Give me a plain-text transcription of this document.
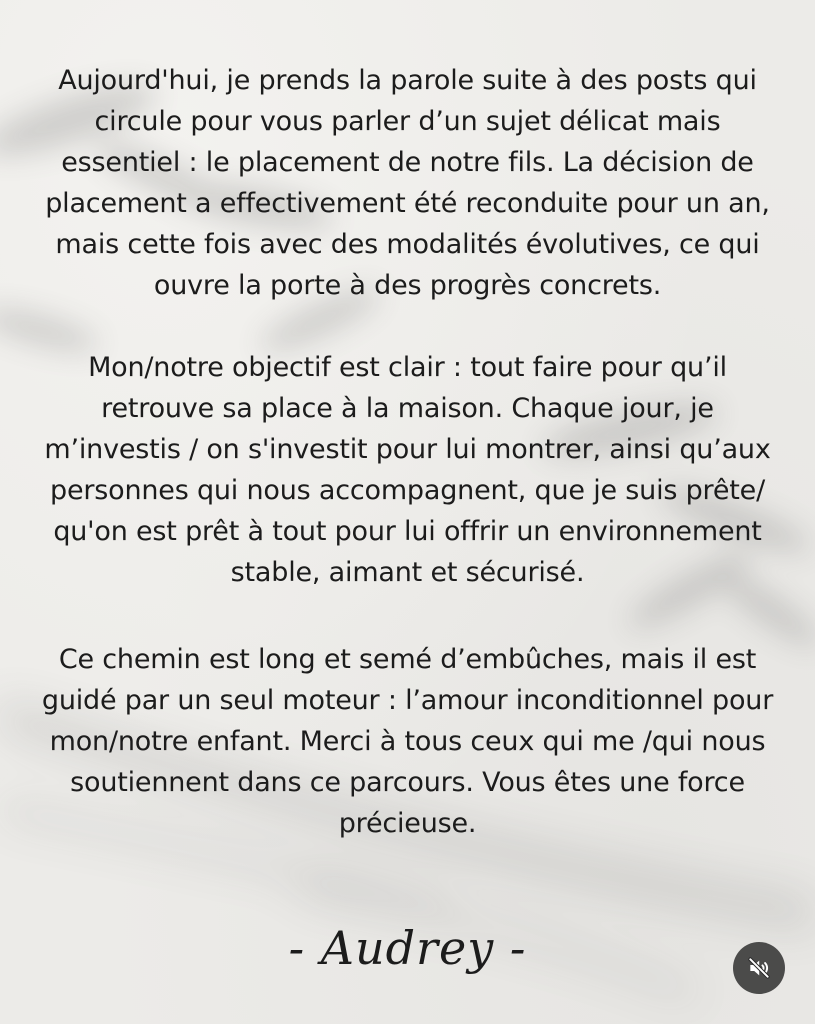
Aujourd'hui, je prends la parole suite à des posts qui
circule pour vous parler d’un sujet délicat mais
essentiel : le placement de notre fils. La décision de
placement a effectivement été reconduite pour un an,
mais cette fois avec des modalités évolutives, ce qui
ouvre la porte à des progrès concrets.
Mon/notre objectif est clair : tout faire pour qu’il
retrouve sa place à la maison. Chaque jour, je
m’investis / on s'investit pour lui montrer, ainsi qu’aux
personnes qui nous accompagnent, que je suis prête/
qu'on est prêt à tout pour lui offrir un environnement
stable, aimant et sécurisé.
Ce chemin est long et semé d’embûches, mais il est
guidé par un seul moteur : l’amour inconditionnel pour
mon/notre enfant. Merci à tous ceux qui me /qui nous
soutiennent dans ce parcours. Vous êtes une force
précieuse.
- Audrey -
